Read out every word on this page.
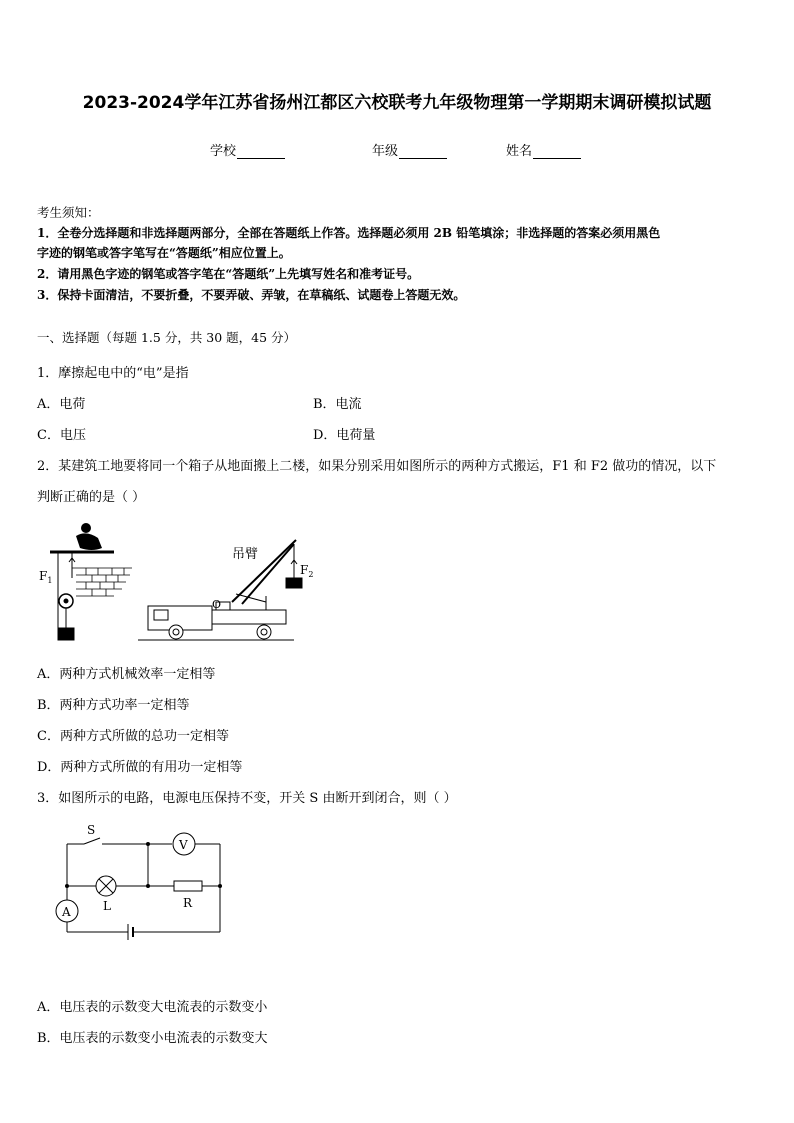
2023-2024学年江苏省扬州江都区六校联考九年级物理第一学期期末调研模拟试题
学校	年级	姓名
考生须知：
1．全卷分选择题和非选择题两部分，全部在答题纸上作答。选择题必须用 2B 铅笔填涂；非选择题的答案必须用黑色
字迹的钢笔或答字笔写在“答题纸”相应位置上。
2．请用黑色字迹的钢笔或答字笔在“答题纸”上先填写姓名和准考证号。
3．保持卡面清洁，不要折叠，不要弄破、弄皱，在草稿纸、试题卷上答题无效。
一、选择题（每题 1.5 分，共 30 题，45 分）
1．摩擦起电中的“电”是指
A．电荷	B．电流
C．电压	D．电荷量
2．某建筑工地要将同一个箱子从地面搬上二楼，如果分别采用如图所示的两种方式搬运，F1 和 F2 做功的情况，以下
判断正确的是（ ）
$F_1$
吊臂
O
$F_2$
A．两种方式机械效率一定相等
B．两种方式功率一定相等
C．两种方式所做的总功一定相等
D．两种方式所做的有用功一定相等
3．如图所示的电路，电源电压保持不变，开关 S 由断开到闭合，则（ ）
S
V
A	L	R
A．电压表的示数变大电流表的示数变小
B．电压表的示数变小电流表的示数变大
